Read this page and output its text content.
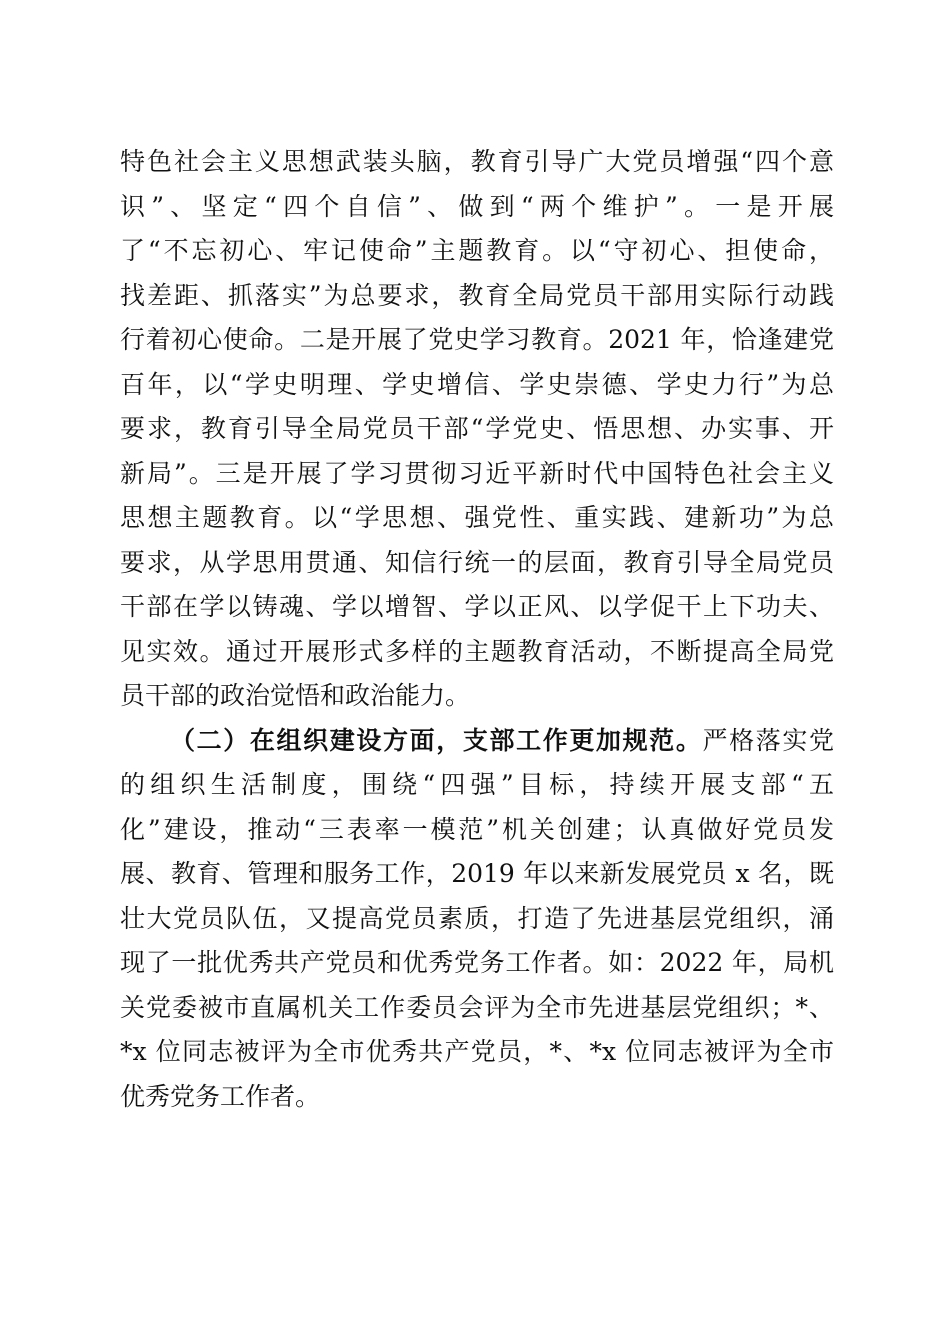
特色社会主义思想武装头脑，教育引导广大党员增强“四个意
识”、坚定“四个自信”、做到“两个维护”。一是开展
了“不忘初心、牢记使命”主题教育。以“守初心、担使命，
找差距、抓落实”为总要求，教育全局党员干部用实际行动践
行着初心使命。二是开展了党史学习教育。2021 年，恰逢建党
百年，以“学史明理、学史增信、学史崇德、学史力行”为总
要求，教育引导全局党员干部“学党史、悟思想、办实事、开
新局”。三是开展了学习贯彻习近平新时代中国特色社会主义
思想主题教育。以“学思想、强党性、重实践、建新功”为总
要求，从学思用贯通、知信行统一的层面，教育引导全局党员
干部在学以铸魂、学以增智、学以正风、以学促干上下功夫、
见实效。通过开展形式多样的主题教育活动，不断提高全局党
员干部的政治觉悟和政治能力。
（二）在组织建设方面，支部工作更加规范。严格落实党
的组织生活制度，围绕“四强”目标，持续开展支部“五
化”建设，推动“三表率一模范”机关创建；认真做好党员发
展、教育、管理和服务工作，2019 年以来新发展党员 x 名，既
壮大党员队伍，又提高党员素质，打造了先进基层党组织，涌
现了一批优秀共产党员和优秀党务工作者。如：2022 年，局机
关党委被市直属机关工作委员会评为全市先进基层党组织；*、
*x 位同志被评为全市优秀共产党员，*、*x 位同志被评为全市
优秀党务工作者。
